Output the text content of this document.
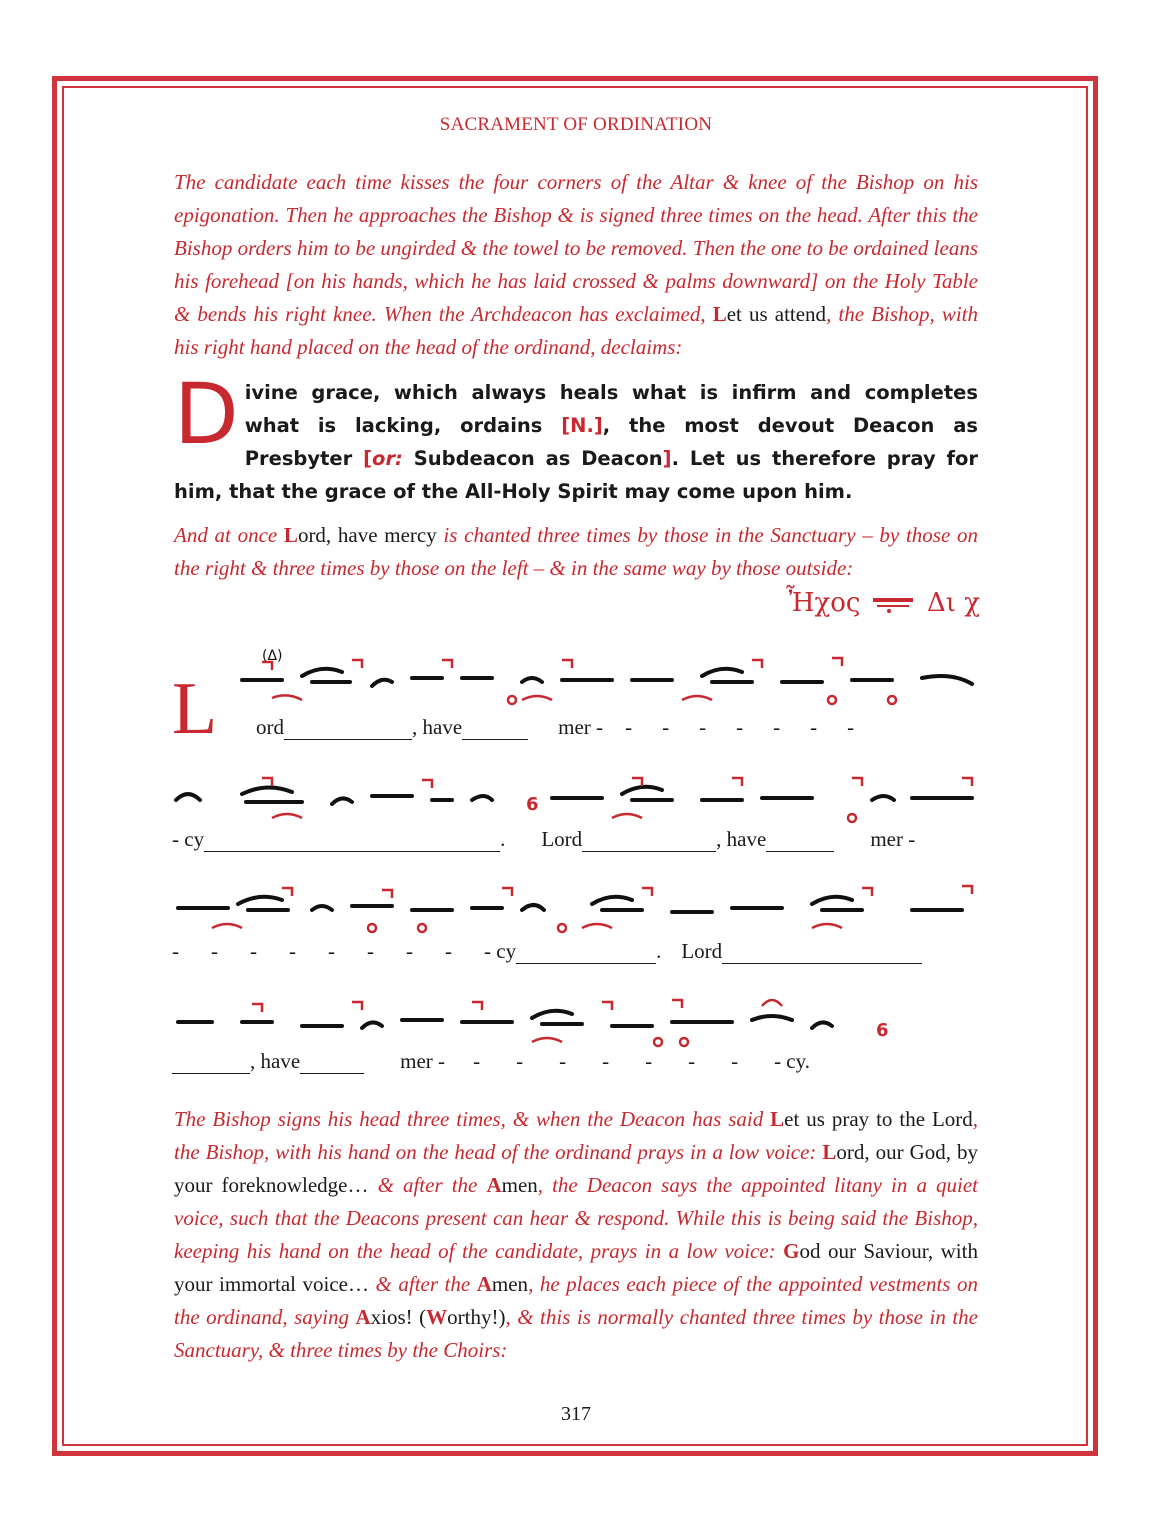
SACRAMENT OF ORDINATION
The candidate each time kisses the four corners of the Altar & knee of the Bishop on his epigonation. Then he approaches the Bishop & is signed three times on the head. After this the Bishop orders him to be ungirded & the towel to be removed. Then the one to be ordained leans his forehead [on his hands, which he has laid crossed & palms downward] on the Holy Table & bends his right knee. When the Archdeacon has exclaimed, Let us attend, the Bishop, with his right hand placed on the head of the ordinand, declaims:
D ivine grace, which always heals what is infirm and completes what is lacking, ordains [N.], the most devout Deacon as Presbyter [or: Subdeacon as Deacon]. Let us therefore pray for him, that the grace of the All-Holy Spirit may come upon him.
And at once Lord, have mercy is chanted three times by those in the Sanctuary – by those on the right & three times by those on the left – & in the same way by those outside:
Ἦχος	Δι χ
L
(Δ)
ord	, have	mer - - - - - - - -
6
- cy	. Lord	, have	mer -
- - - - - - - - - cy	. Lord
6
, have	mer - - - - - - - - - cy.
The Bishop signs his head three times, & when the Deacon has said Let us pray to the Lord, the Bishop, with his hand on the head of the ordinand prays in a low voice: Lord, our God, by your foreknowledge… & after the Amen, the Deacon says the appointed litany in a quiet voice, such that the Deacons present can hear & respond. While this is being said the Bishop, keeping his hand on the head of the candidate, prays in a low voice: God our Saviour, with your immortal voice… & after the Amen, he places each piece of the appointed vestments on the ordinand, saying Axios! (Worthy!), & this is normally chanted three times by those in the Sanctuary, & three times by the Choirs:
317
